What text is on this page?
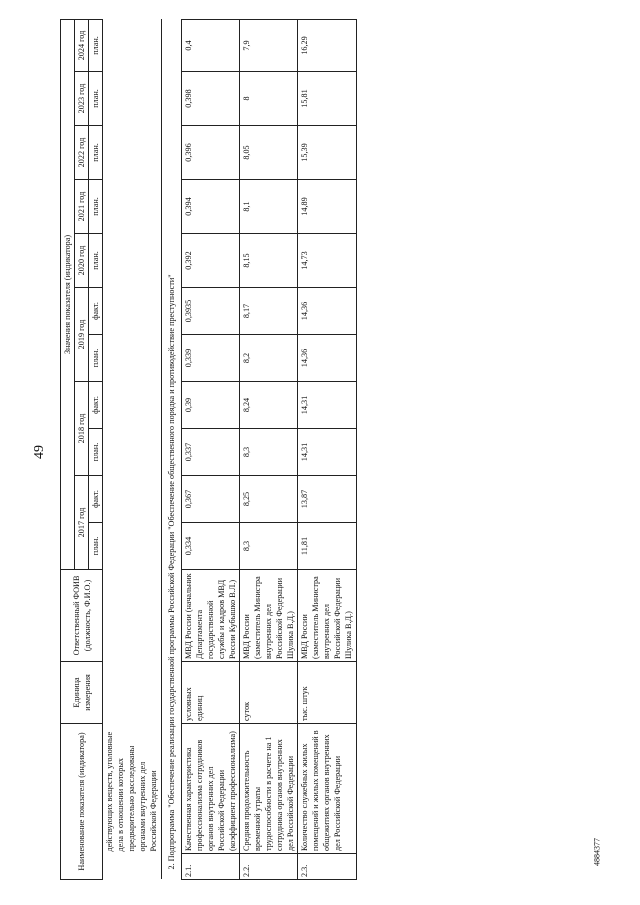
49
4884377
Наименование показателя (индикатора)		Единица измерения	Ответственный ФОИВ (должность, Ф.И.О.)	Значения показателя (индикатора)										
				2017 год		2018 год		2019 год		2020 год	2021 год	2022 год	2023 год	2024 год
				план.	факт.	план.	факт.	план.	факт.	план.	план.	план.	план.	план.
	действующих веществ, уголовные дела в отношении которых предварительно расследованы органами внутренних дел Российской Федерации													
2. Подпрограмма "Обеспечение реализации государственной программы Российской Федерации "Обеспечение общественного порядка и противодействие преступности"														
2.1.	Качественная характеристика профессионализма сотрудников органов внутренних дел Российской Федерации (коэффициент профессионализма)	условных единиц	МВД России (начальник Департамента государственной службы и кадров МВД России Кубышко В.Л.)	0,334	0,367	0,337	0,39	0,339	0,3935	0,392	0,394	0,396	0,398	0,4
2.2.	Средняя продолжительность временной утраты трудоспособности в расчете на 1 сотрудника органов внутренних дел Российской Федерации	суток	МВД России (заместитель Министра внутренних дел Российской Федерации Шулика В.Д.)	8,3	8,25	8,3	8,24	8,2	8,17	8,15	8,1	8,05	8	7,9
2.3.	Количество служебных жилых помещений и жилых помещений в общежитиях органов внутренних дел Российской Федерации	тыс. штук	МВД России (заместитель Министра внутренних дел Российской Федерации Шулика В.Д.)	11,81	13,87	14,31	14,31	14,36	14,36	14,73	14,89	15,39	15,81	16,29
